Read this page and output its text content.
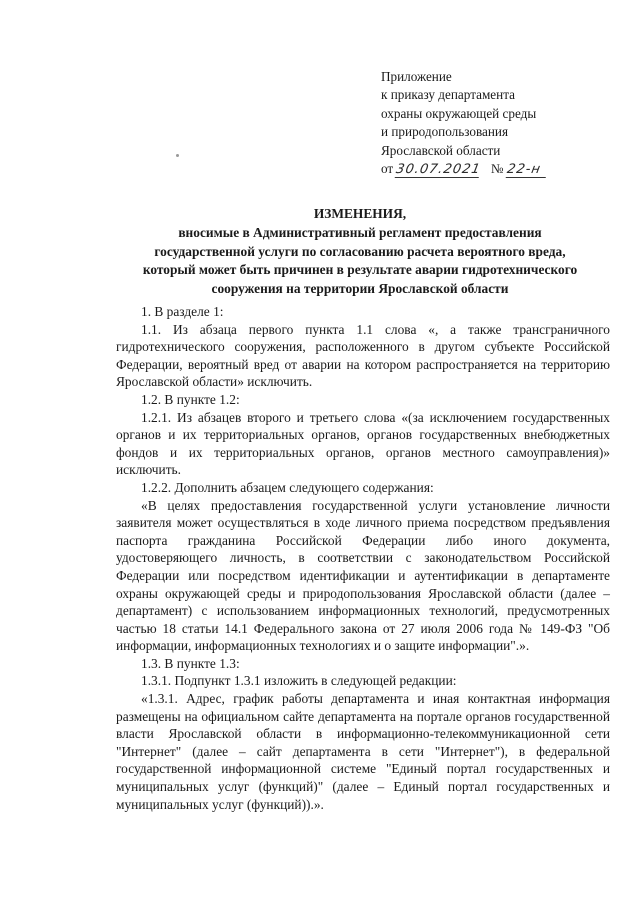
Приложение
к приказу департамента
охраны окружающей среды
и природопользования
Ярославской области
от 30.07.2021 № 22-н
ИЗМЕНЕНИЯ,
вносимые в Административный регламент предоставления
государственной услуги по согласованию расчета вероятного вреда,
который может быть причинен в результате аварии гидротехнического
сооружения на территории Ярославской области

1. В разделе 1:

1.1. Из абзаца первого пункта 1.1 слова «, а также трансграничного гидротехнического сооружения, расположенного в другом субъекте Российской Федерации, вероятный вред от аварии на котором распространяется на территорию Ярославской области» исключить.

1.2. В пункте 1.2:

1.2.1. Из абзацев второго и третьего слова «(за исключением государственных органов и их территориальных органов, органов государственных внебюджетных фондов и их территориальных органов, органов местного самоуправления)» исключить.

1.2.2. Дополнить абзацем следующего содержания:

«В целях предоставления государственной услуги установление личности заявителя может осуществляться в ходе личного приема посредством предъявления паспорта гражданина Российской Федерации либо иного документа, удостоверяющего личность, в соответствии с законодательством Российской Федерации или посредством идентификации и аутентификации в департаменте охраны окружающей среды и природопользования Ярославской области (далее – департамент) с использованием информационных технологий, предусмотренных частью 18 статьи 14.1 Федерального закона от 27 июля 2006 года № 149-ФЗ "Об информации, информационных технологиях и о защите информации".».

1.3. В пункте 1.3:

1.3.1. Подпункт 1.3.1 изложить в следующей редакции:

«1.3.1. Адрес, график работы департамента и иная контактная информация размещены на официальном сайте департамента на портале органов государственной власти Ярославской области в информационно-телекоммуникационной сети "Интернет" (далее – сайт департамента в сети "Интернет"), в федеральной государственной информационной системе "Единый портал государственных и муниципальных услуг (функций)" (далее – Единый портал государственных и муниципальных услуг (функций)).».
